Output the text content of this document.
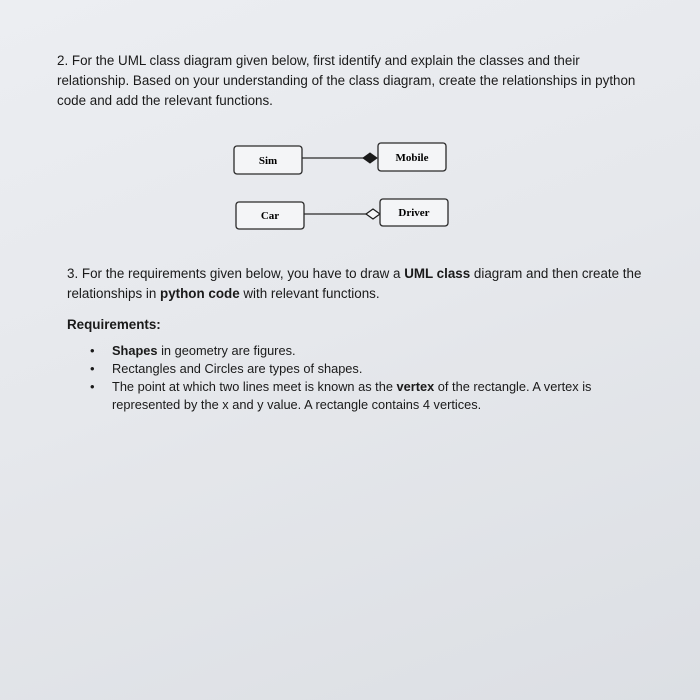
2. For the UML class diagram given below, first identify and explain the classes and their relationship. Based on your understanding of the class diagram, create the relationships in python code and add the relevant functions.

Sim	Mobile
Car	Driver

3. For the requirements given below, you have to draw a UML class diagram and then create the relationships in python code with relevant functions.

Requirements:

• Shapes in geometry are figures.
• Rectangles and Circles are types of shapes.
• The point at which two lines meet is known as the vertex of the rectangle. A vertex is represented by the x and y value. A rectangle contains 4 vertices.
